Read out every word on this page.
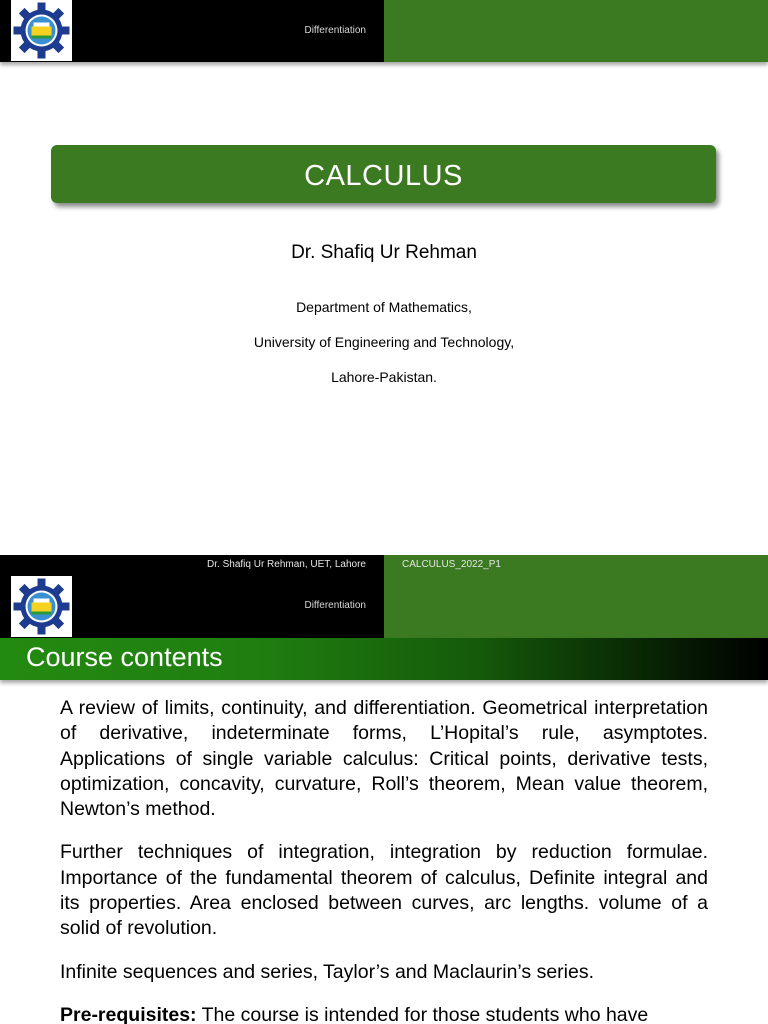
Differentiation
CALCULUS
Dr. Shafiq Ur Rehman
Department of Mathematics,
University of Engineering and Technology,
Lahore-Pakistan.
Dr. Shafiq Ur Rehman, UET, Lahore	CALCULUS_2022_P1
Differentiation
Course contents

A review of limits, continuity, and differentiation. Geometrical interpretation of derivative, indeterminate forms, L’Hopital’s rule, asymptotes. Applications of single variable calculus: Critical points, derivative tests, optimization, concavity, curvature, Roll’s theorem, Mean value theorem, Newton’s method.

Further techniques of integration, integration by reduction formulae. Importance of the fundamental theorem of calculus, Definite integral and its properties. Area enclosed between curves, arc lengths. volume of a solid of revolution.

Infinite sequences and series, Taylor’s and Maclaurin’s series.

Pre-requisites: The course is intended for those students who have
